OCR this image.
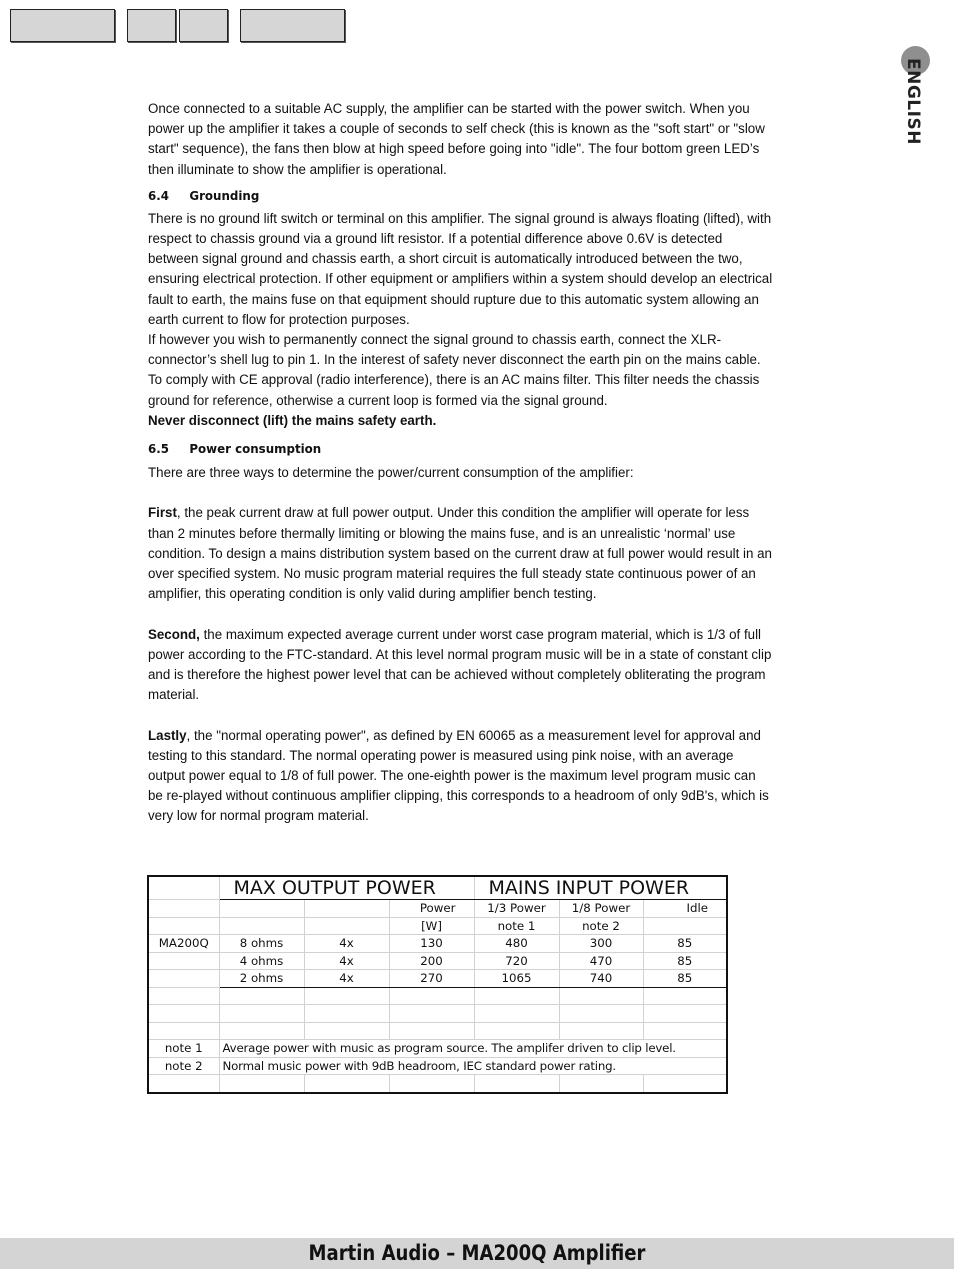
ENGLISH

Once connected to a suitable AC supply, the amplifier can be started with the power switch. When you power up the amplifier it takes a couple of seconds to self check (this is known as the "soft start" or "slow start" sequence), the fans then blow at high speed before going into "idle". The four bottom green LED’s then illuminate to show the amplifier is operational.

6.4 Grounding

There is no ground lift switch or terminal on this amplifier. The signal ground is always floating (lifted), with respect to chassis ground via a ground lift resistor. If a potential difference above 0.6V is detected between signal ground and chassis earth, a short circuit is automatically introduced between the two, ensuring electrical protection. If other equipment or amplifiers within a system should develop an electrical fault to earth, the mains fuse on that equipment should rupture due to this automatic system allowing an earth current to flow for protection purposes.

If however you wish to permanently connect the signal ground to chassis earth, connect the XLR-connector’s shell lug to pin 1. In the interest of safety never disconnect the earth pin on the mains cable.

To comply with CE approval (radio interference), there is an AC mains filter. This filter needs the chassis ground for reference, otherwise a current loop is formed via the signal ground.

Never disconnect (lift) the mains safety earth.

6.5 Power consumption

There are three ways to determine the power/current consumption of the amplifier:

First, the peak current draw at full power output. Under this condition the amplifier will operate for less than 2 minutes before thermally limiting or blowing the mains fuse, and is an unrealistic ‘normal’ use condition. To design a mains distribution system based on the current draw at full power would result in an over specified system. No music program material requires the full steady state continuous power of an amplifier, this operating condition is only valid during amplifier bench testing.

Second, the maximum expected average current under worst case program material, which is 1/3 of full power according to the FTC-standard. At this level normal program music will be in a state of constant clip and is therefore the highest power level that can be achieved without completely obliterating the program material.

Lastly, the "normal operating power", as defined by EN 60065 as a measurement level for approval and testing to this standard. The normal operating power is measured using pink noise, with an average output power equal to 1/8 of full power. The one-eighth power is the maximum level program music can be re-played without continuous amplifier clipping, this corresponds to a headroom of only 9dB's, which is very low for normal program material.

	MAX OUTPUT POWER			MAINS INPUT POWER		
			Power	1/3 Power	1/8 Power	Idle
			[W]	note 1	note 2	
MA200Q	8 ohms	4x	130	480	300	85
	4 ohms	4x	200	720	470	85
	2 ohms	4x	270	1065	740	85

note 1	Average power with music as program source. The amplifer driven to clip level.					
note 2	Normal music power with 9dB headroom, IEC standard power rating.					

Martin Audio – MA200Q Amplifier
